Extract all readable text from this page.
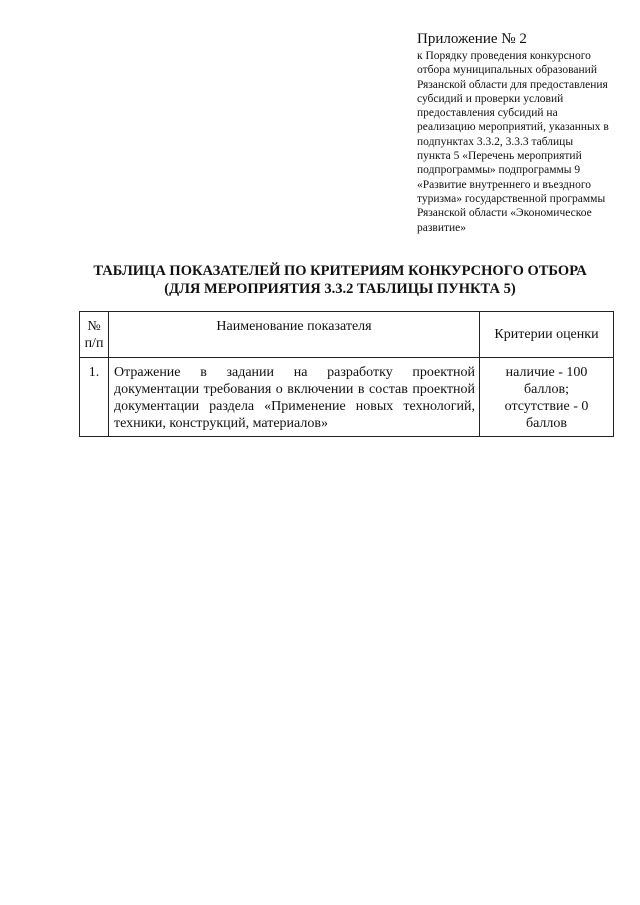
Приложение № 2
к Порядку проведения конкурсного
отбора муниципальных образований
Рязанской области для предоставления
субсидий и проверки условий
предоставления субсидий на
реализацию мероприятий, указанных в
подпунктах 3.3.2, 3.3.3 таблицы
пункта 5 «Перечень мероприятий
подпрограммы» подпрограммы 9
«Развитие внутреннего и въездного
туризма» государственной программы
Рязанской области «Экономическое
развитие»
ТАБЛИЦА ПОКАЗАТЕЛЕЙ ПО КРИТЕРИЯМ КОНКУРСНОГО ОТБОРА
(ДЛЯ МЕРОПРИЯТИЯ 3.3.2 ТАБЛИЦЫ ПУНКТА 5)
№
п/п	Наименование показателя	Критерии оценки
1.	Отражение в задании на разработку проектной документации требования о включении в состав проектной документации раздела «Применение новых технологий, техники, конструкций, материалов»	наличие - 100
баллов;
отсутствие - 0
баллов
